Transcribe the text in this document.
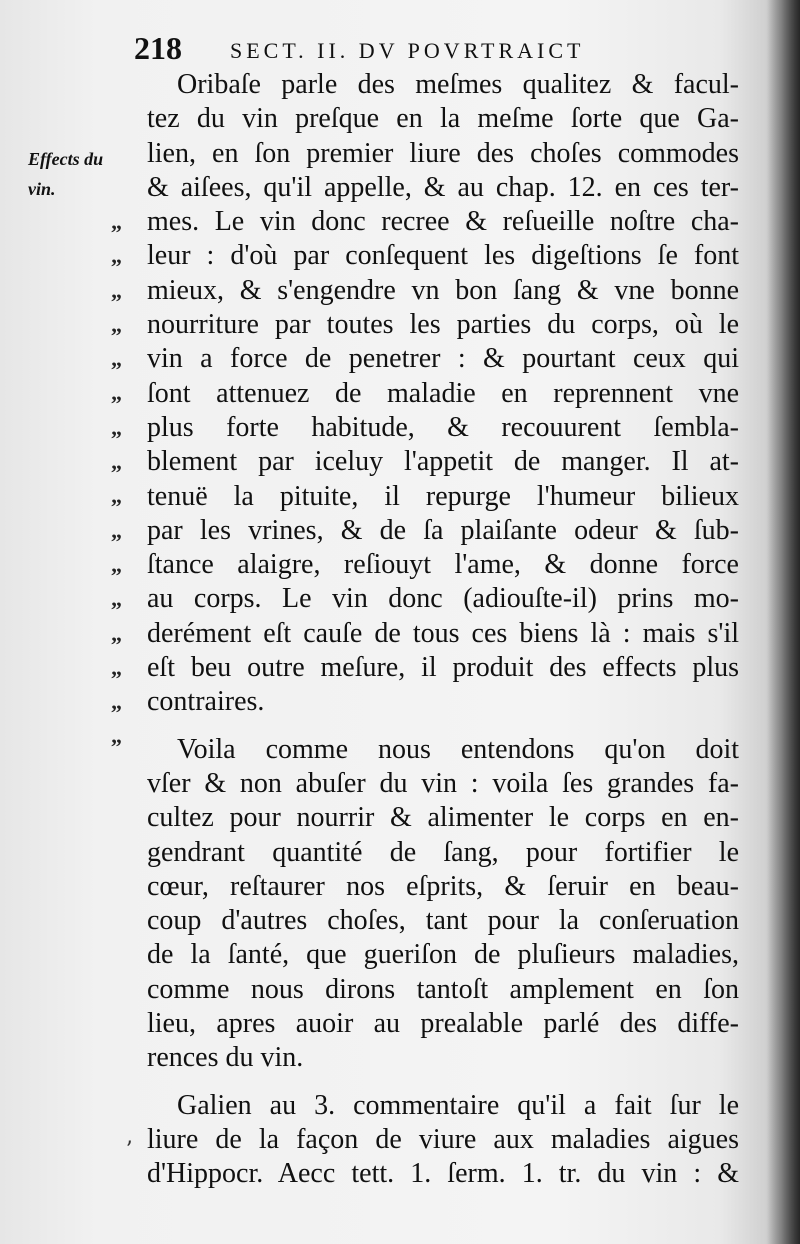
218 SECT. II. DV POVRTRAICT
Effects du
vin.
„
„
„
„
„
„
„
„
„
„
„
„
„
„
„
„
Oribaſe parle des meſmes qualitez & facul-
tez du vin preſque en la meſme ſorte que Ga-
lien, en ſon premier liure des choſes commodes
& aiſees, qu'il appelle, & au chap. 12. en ces ter-
mes. Le vin donc recree & reſueille noſtre cha-
leur : d'où par conſequent les digeſtions ſe font
mieux, & s'engendre vn bon ſang & vne bonne
nourriture par toutes les parties du corps, où le
vin a force de penetrer : & pourtant ceux qui
ſont attenuez de maladie en reprennent vne
plus forte habitude, & recouurent ſembla-
blement par iceluy l'appetit de manger. Il at-
tenuë la pituite, il repurge l'humeur bilieux
par les vrines, & de ſa plaiſante odeur & ſub-
ſtance alaigre, reſiouyt l'ame, & donne force
au corps. Le vin donc (adiouſte-il) prins mo-
derément eſt cauſe de tous ces biens là : mais s'il
eſt beu outre meſure, il produit des effects plus
contraires.
Voila comme nous entendons qu'on doit
vſer & non abuſer du vin : voila ſes grandes fa-
cultez pour nourrir & alimenter le corps en en-
gendrant quantité de ſang, pour fortifier le
cœur, reſtaurer nos eſprits, & ſeruir en beau-
coup d'autres choſes, tant pour la conſeruation
de la ſanté, que gueriſon de pluſieurs maladies,
comme nous dirons tantoſt amplement en ſon
lieu, apres auoir au prealable parlé des diffe-
rences du vin.
Galien au 3. commentaire qu'il a fait ſur le
liure de la façon de viure aux maladies aigues
d'Hippocr. Aecc tett. 1. ſerm. 1. tr. du vin : &
ʼ
